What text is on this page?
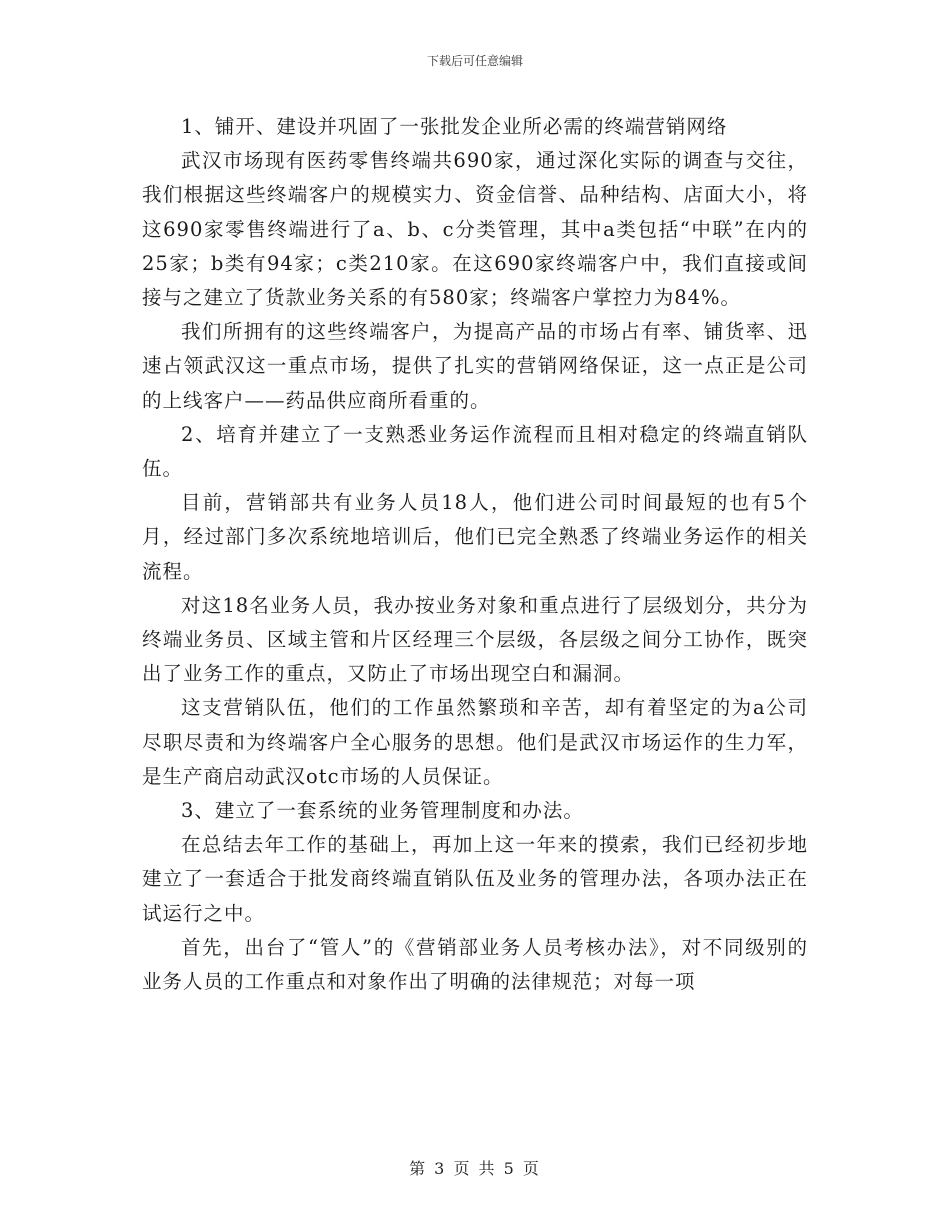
下载后可任意编辑

1、铺开、建设并巩固了一张批发企业所必需的终端营销网络

武汉市场现有医药零售终端共690家，通过深化实际的调查与交往，我们根据这些终端客户的规模实力、资金信誉、品种结构、店面大小，将这690家零售终端进行了a、b、c分类管理，其中a类包括“中联”在内的25家；b类有94家；c类210家。在这690家终端客户中，我们直接或间接与之建立了货款业务关系的有580家；终端客户掌控力为84%。

我们所拥有的这些终端客户，为提高产品的市场占有率、铺货率、迅速占领武汉这一重点市场，提供了扎实的营销网络保证，这一点正是公司的上线客户——药品供应商所看重的。

2、培育并建立了一支熟悉业务运作流程而且相对稳定的终端直销队伍。

目前，营销部共有业务人员18人，他们进公司时间最短的也有5个月，经过部门多次系统地培训后，他们已完全熟悉了终端业务运作的相关流程。

对这18名业务人员，我办按业务对象和重点进行了层级划分，共分为终端业务员、区域主管和片区经理三个层级，各层级之间分工协作，既突出了业务工作的重点，又防止了市场出现空白和漏洞。

这支营销队伍，他们的工作虽然繁琐和辛苦，却有着坚定的为a公司尽职尽责和为终端客户全心服务的思想。他们是武汉市场运作的生力军，是生产商启动武汉otc市场的人员保证。

3、建立了一套系统的业务管理制度和办法。

在总结去年工作的基础上，再加上这一年来的摸索，我们已经初步地建立了一套适合于批发商终端直销队伍及业务的管理办法，各项办法正在试运行之中。

首先，出台了“管人”的《营销部业务人员考核办法》，对不同级别的业务人员的工作重点和对象作出了明确的法律规范；对每一项

第 3 页 共 5 页
